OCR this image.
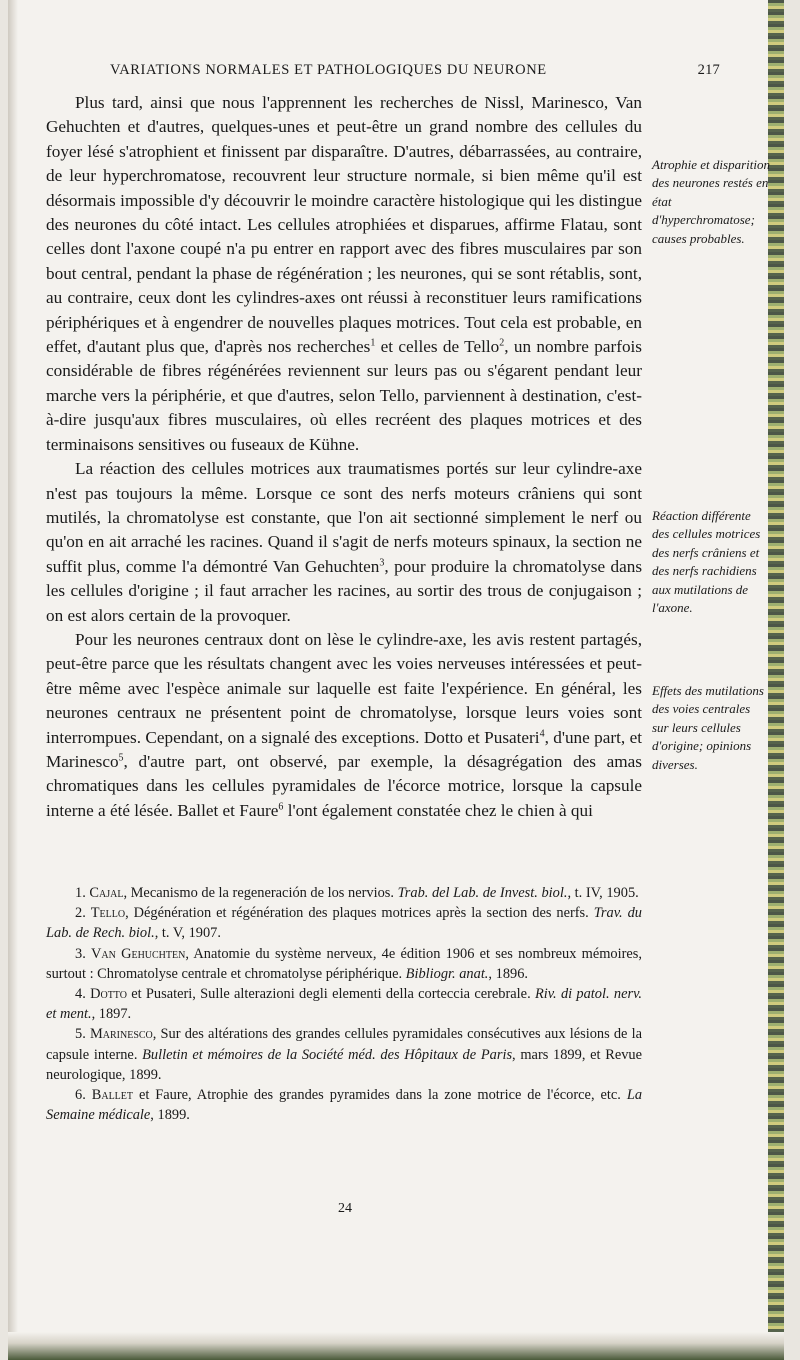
VARIATIONS NORMALES ET PATHOLOGIQUES DU NEURONE	217

Plus tard, ainsi que nous l'apprennent les recherches de Nissl, Marinesco, Van Gehuchten et d'autres, quelques-unes et peut-être un grand nombre des cellules du foyer lésé s'atrophient et finissent par disparaître. D'autres, débarrassées, au contraire, de leur hyperchromatose, recouvrent leur structure normale, si bien même qu'il est désormais impossible d'y découvrir le moindre caractère histologique qui les distingue des neurones du côté intact. Les cellules atrophiées et disparues, affirme Flatau, sont celles dont l'axone coupé n'a pu entrer en rapport avec des fibres musculaires par son bout central, pendant la phase de régénération ; les neurones, qui se sont rétablis, sont, au contraire, ceux dont les cylindres-axes ont réussi à reconstituer leurs ramifications périphériques et à engendrer de nouvelles plaques motrices. Tout cela est probable, en effet, d'autant plus que, d'après nos recherches$^1$ et celles de Tello$^2$, un nombre parfois considérable de fibres régénérées reviennent sur leurs pas ou s'égarent pendant leur marche vers la périphérie, et que d'autres, selon Tello, parviennent à destination, c'est-à-dire jusqu'aux fibres musculaires, où elles recréent des plaques motrices et des terminaisons sensitives ou fuseaux de Kühne.

La réaction des cellules motrices aux traumatismes portés sur leur cylindre-axe n'est pas toujours la même. Lorsque ce sont des nerfs moteurs crâniens qui sont mutilés, la chromatolyse est constante, que l'on ait sectionné simplement le nerf ou qu'on en ait arraché les racines. Quand il s'agit de nerfs moteurs spinaux, la section ne suffit plus, comme l'a démontré Van Gehuchten$^3$, pour produire la chromatolyse dans les cellules d'origine ; il faut arracher les racines, au sortir des trous de conjugaison ; on est alors certain de la provoquer.

Pour les neurones centraux dont on lèse le cylindre-axe, les avis restent partagés, peut-être parce que les résultats changent avec les voies nerveuses intéressées et peut-être même avec l'espèce animale sur laquelle est faite l'expérience. En général, les neurones centraux ne présentent point de chromatolyse, lorsque leurs voies sont interrompues. Cependant, on a signalé des exceptions. Dotto et Pusateri$^4$, d'une part, et Marinesco$^5$, d'autre part, ont observé, par exemple, la désagrégation des amas chromatiques dans les cellules pyramidales de l'écorce motrice, lorsque la capsule interne a été lésée. Ballet et Faure$^6$ l'ont également constatée chez le chien à qui

Atrophie et disparition des neurones restés en état d'hyperchromatose; causes probables.
Réaction différente des cellules motrices des nerfs crâniens et des nerfs rachidiens aux mutilations de l'axone.
Effets des mutilations des voies centrales sur leurs cellules d'origine; opinions diverses.

1. Cajal, Mecanismo de la regeneración de los nervios. Trab. del Lab. de Invest. biol., t. IV, 1905.

2. Tello, Dégénération et régénération des plaques motrices après la section des nerfs. Trav. du Lab. de Rech. biol., t. V, 1907.

3. Van Gehuchten, Anatomie du système nerveux, 4e édition 1906 et ses nombreux mémoires, surtout : Chromatolyse centrale et chromatolyse périphérique. Bibliogr. anat., 1896.

4. Dotto et Pusateri, Sulle alterazioni degli elementi della corteccia cerebrale. Riv. di patol. nerv. et ment., 1897.

5. Marinesco, Sur des altérations des grandes cellules pyramidales consécutives aux lésions de la capsule interne. Bulletin et mémoires de la Société méd. des Hôpitaux de Paris, mars 1899, et Revue neurologique, 1899.

6. Ballet et Faure, Atrophie des grandes pyramides dans la zone motrice de l'écorce, etc. La Semaine médicale, 1899.

24
